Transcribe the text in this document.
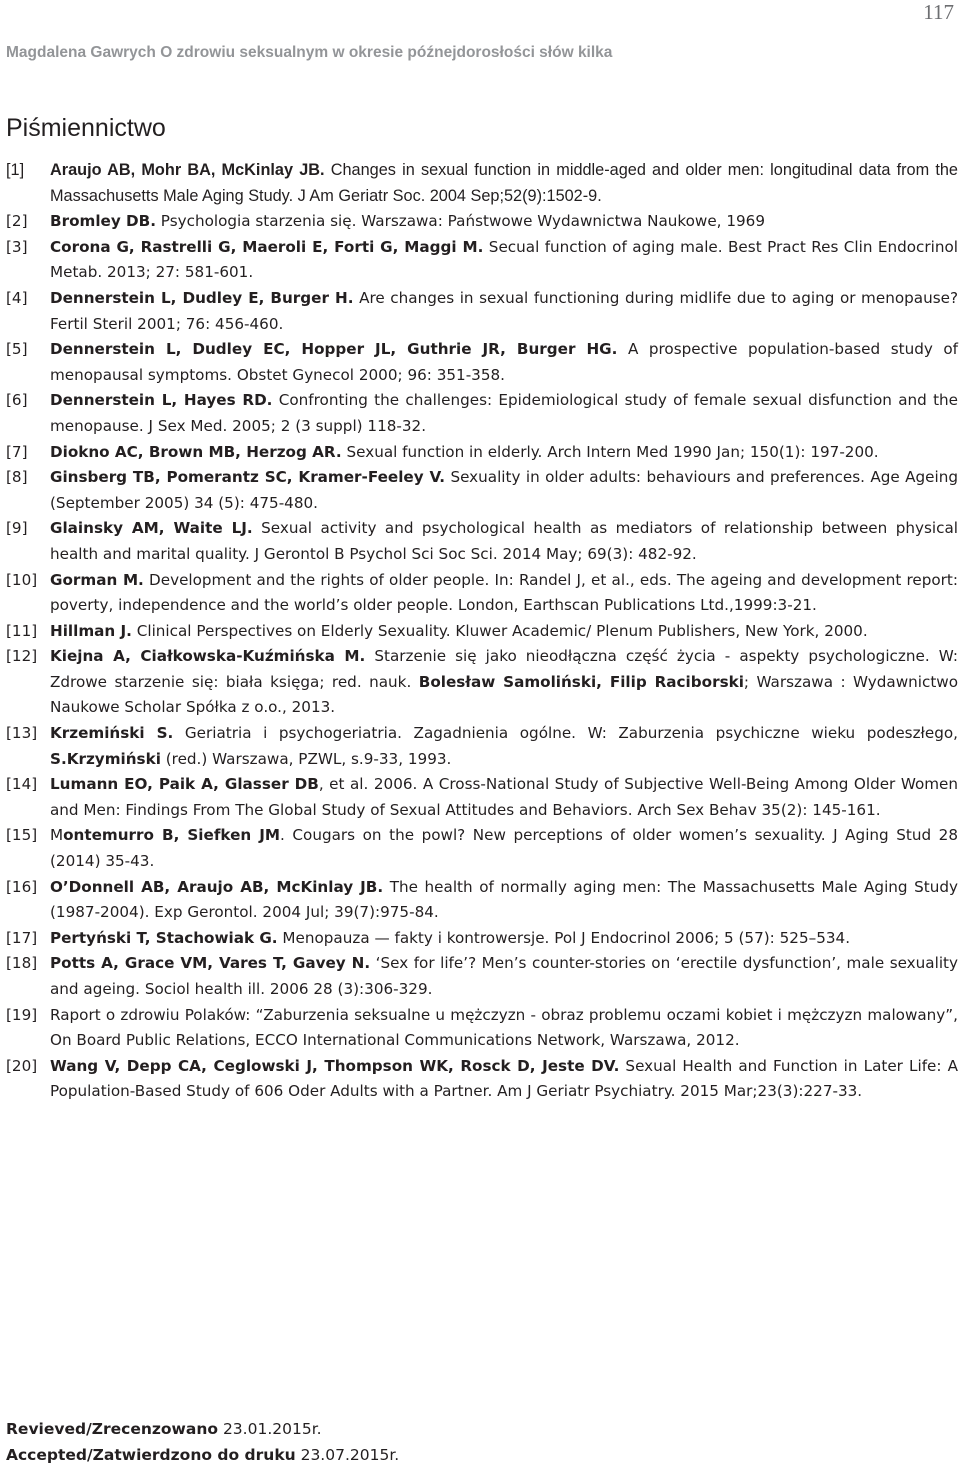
117
Magdalena Gawrych O zdrowiu seksualnym w okresie późnejdorosłości słów kilka
Piśmiennictwo
[1] Araujo AB, Mohr BA, McKinlay JB. Changes in sexual function in middle-aged and older men: longitudinal data from the Massachusetts Male Aging Study. J Am Geriatr Soc. 2004 Sep;52(9):1502-9.
[2] Bromley DB. Psychologia starzenia się. Warszawa: Państwowe Wydawnictwa Naukowe, 1969
[3] Corona G, Rastrelli G, Maeroli E, Forti G, Maggi M. Secual function of aging male. Best Pract Res Clin Endocrinol Metab. 2013; 27: 581-601.
[4] Dennerstein L, Dudley E, Burger H. Are changes in sexual functioning during midlife due to aging or menopause? Fertil Steril 2001; 76: 456-460.
[5] Dennerstein L, Dudley EC, Hopper JL, Guthrie JR, Burger HG. A prospective population-based study of menopausal symptoms. Obstet Gynecol 2000; 96: 351-358.
[6] Dennerstein L, Hayes RD. Confronting the challenges: Epidemiological study of female sexual disfunction and the menopause. J Sex Med. 2005; 2 (3 suppl) 118-32.
[7] Diokno AC, Brown MB, Herzog AR. Sexual function in elderly. Arch Intern Med 1990 Jan; 150(1): 197-200.
[8] Ginsberg TB, Pomerantz SC, Kramer-Feeley V. Sexuality in older adults: behaviours and preferences. Age Ageing (September 2005) 34 (5): 475-480.
[9] Glainsky AM, Waite LJ. Sexual activity and psychological health as mediators of relationship between physical health and marital quality. J Gerontol B Psychol Sci Soc Sci. 2014 May; 69(3): 482-92.
[10] Gorman M. Development and the rights of older people. In: Randel J, et al., eds. The ageing and development report: poverty, independence and the world’s older people. London, Earthscan Publications Ltd.,1999:3-21.
[11] Hillman J. Clinical Perspectives on Elderly Sexuality. Kluwer Academic/ Plenum Publishers, New York, 2000.
[12] Kiejna A, Ciałkowska-Kuźmińska M. Starzenie się jako nieodłączna część życia - aspekty psychologiczne. W: Zdrowe starzenie się: biała księga; red. nauk. Bolesław Samoliński, Filip Raciborski; Warszawa : Wydawnictwo Naukowe Scholar Spółka z o.o., 2013.
[13] Krzemiński S. Geriatria i psychogeriatria. Zagadnienia ogólne. W: Zaburzenia psychiczne wieku podeszłego, S.Krzymiński (red.) Warszawa, PZWL, s.9-33, 1993.
[14] Lumann EO, Paik A, Glasser DB, et al. 2006. A Cross-National Study of Subjective Well-Being Among Older Women and Men: Findings From The Global Study of Sexual Attitudes and Behaviors. Arch Sex Behav 35(2): 145-161.
[15] Montemurro B, Siefken JM. Cougars on the powl? New perceptions of older women’s sexuality. J Aging Stud 28 (2014) 35-43.
[16] O’Donnell AB, Araujo AB, McKinlay JB. The health of normally aging men: The Massachusetts Male Aging Study (1987-2004). Exp Gerontol. 2004 Jul; 39(7):975-84.
[17] Pertyński T, Stachowiak G. Menopauza — fakty i kontrowersje. Pol J Endocrinol 2006; 5 (57): 525–534.
[18] Potts A, Grace VM, Vares T, Gavey N. ‘Sex for life’? Men’s counter-stories on ‘erectile dysfunction’, male sexuality and ageing. Sociol health ill. 2006 28 (3):306-329.
[19] Raport o zdrowiu Polaków: “Zaburzenia seksualne u mężczyzn - obraz problemu oczami kobiet i mężczyzn malowany”, On Board Public Relations, ECCO International Communications Network, Warszawa, 2012.
[20] Wang V, Depp CA, Ceglowski J, Thompson WK, Rosck D, Jeste DV. Sexual Health and Function in Later Life: A Population-Based Study of 606 Oder Adults with a Partner. Am J Geriatr Psychiatry. 2015 Mar;23(3):227-33.
Revieved/Zrecenzowano 23.01.2015r.
Accepted/Zatwierdzono do druku 23.07.2015r.
